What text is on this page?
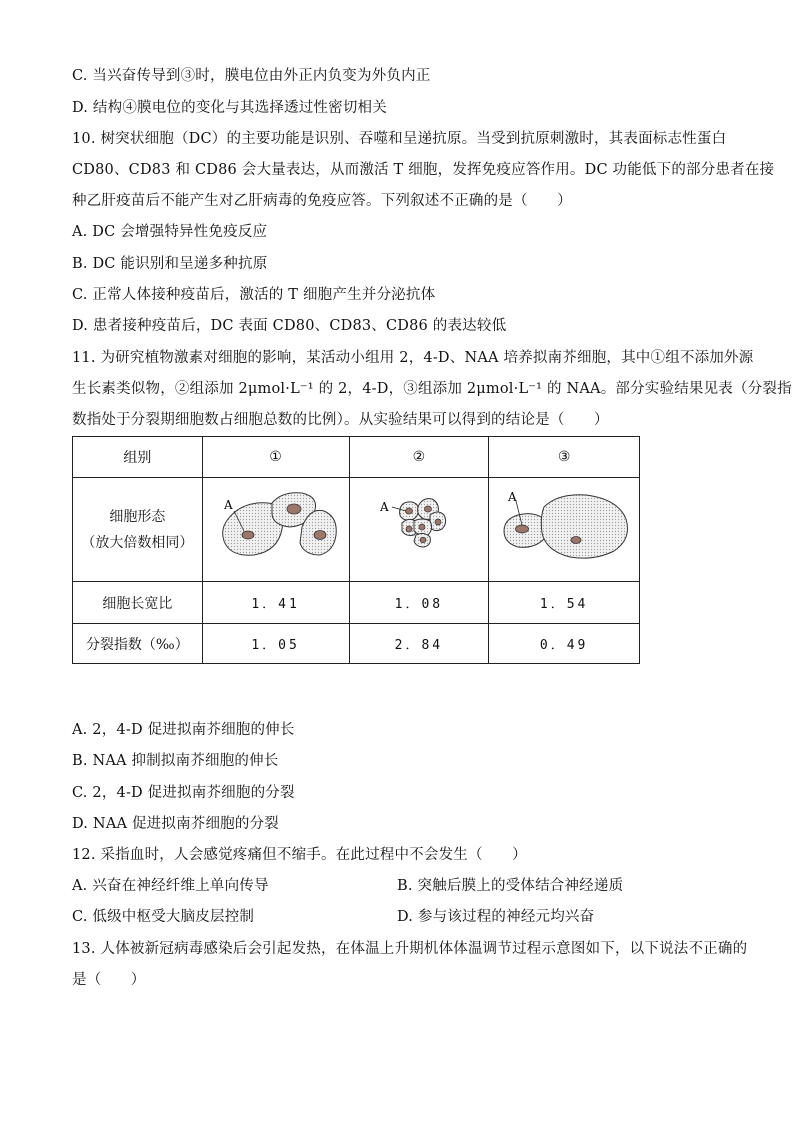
C. 当兴奋传导到③时，膜电位由外正内负变为外负内正
D. 结构④膜电位的变化与其选择透过性密切相关
10. 树突状细胞（DC）的主要功能是识别、吞噬和呈递抗原。当受到抗原刺激时，其表面标志性蛋白
CD80、CD83 和 CD86 会大量表达，从而激活 T 细胞，发挥免疫应答作用。DC 功能低下的部分患者在接
种乙肝疫苗后不能产生对乙肝病毒的免疫应答。下列叙述不正确的是（　　）
A. DC 会增强特异性免疫反应
B. DC 能识别和呈递多种抗原
C. 正常人体接种疫苗后，激活的 T 细胞产生并分泌抗体
D. 患者接种疫苗后，DC 表面 CD80、CD83、CD86 的表达较低
11. 为研究植物激素对细胞的影响，某活动小组用 2，4-D、NAA 培养拟南芥细胞，其中①组不添加外源
生长素类似物，②组添加 2μmol·L⁻¹ 的 2，4-D，③组添加 2μmol·L⁻¹ 的 NAA。部分实验结果见表（分裂指
数指处于分裂期细胞数占细胞总数的比例）。从实验结果可以得到的结论是（　　）
组别	①	②	③

细胞形态
（放大倍数相同）	A	A	A

细胞长宽比	1．41	1．08	1．54
分裂指数（‰）	1．05	2．84	0．49
A. 2，4-D 促进拟南芥细胞的伸长
B. NAA 抑制拟南芥细胞的伸长
C. 2，4-D 促进拟南芥细胞的分裂
D. NAA 促进拟南芥细胞的分裂
12. 采指血时，人会感觉疼痛但不缩手。在此过程中不会发生（　　）
A. 兴奋在神经纤维上单向传导	B. 突触后膜上的受体结合神经递质
C. 低级中枢受大脑皮层控制	D. 参与该过程的神经元均兴奋
13. 人体被新冠病毒感染后会引起发热，在体温上升期机体体温调节过程示意图如下，以下说法不正确的
是（　　）
